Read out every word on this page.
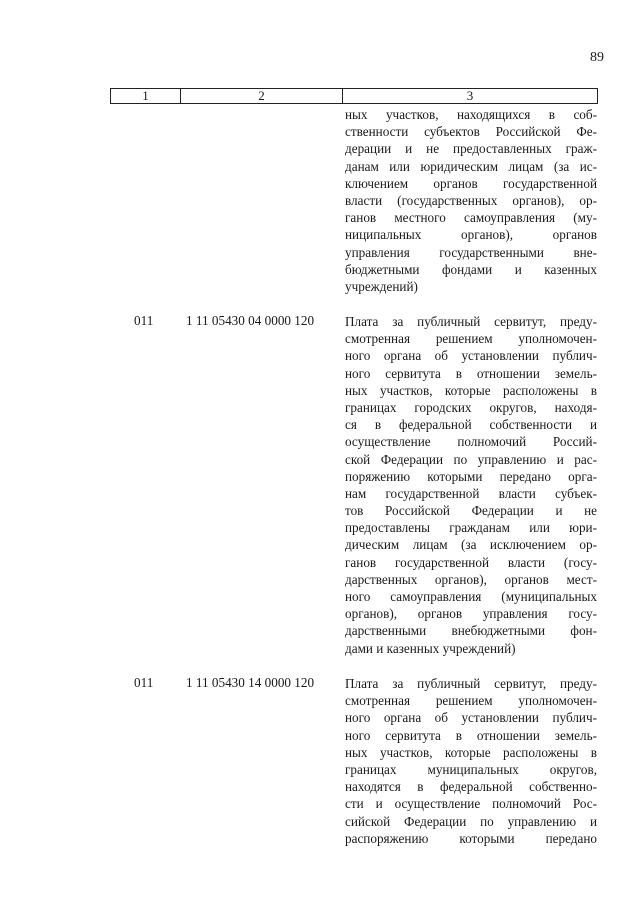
89
1	2	3
ных участков, находящихся в соб-
ственности субъектов Российской Фе-
дерации и не предоставленных граж-
данам или юридическим лицам (за ис-
ключением органов государственной
власти (государственных органов), ор-
ганов местного самоуправления (му-
ниципальных органов), органов
управления государственными вне-
бюджетными фондами и казенных
учреждений)
011 1 11 05430 04 0000 120 Плата за публичный сервитут, преду-
смотренная решением уполномочен-
ного органа об установлении публич-
ного сервитута в отношении земель-
ных участков, которые расположены в
границах городских округов, находя-
ся в федеральной собственности и
осуществление полномочий Россий-
ской Федерации по управлению и рас-
поряжению которыми передано орга-
нам государственной власти субъек-
тов Российской Федерации и не
предоставлены гражданам или юри-
дическим лицам (за исключением ор-
ганов государственной власти (госу-
дарственных органов), органов мест-
ного самоуправления (муниципальных
органов), органов управления госу-
дарственными внебюджетными фон-
дами и казенных учреждений)
011 1 11 05430 14 0000 120 Плата за публичный сервитут, преду-
смотренная решением уполномочен-
ного органа об установлении публич-
ного сервитута в отношении земель-
ных участков, которые расположены в
границах муниципальных округов,
находятся в федеральной собственно-
сти и осуществление полномочий Рос-
сийской Федерации по управлению и
распоряжению которыми передано
